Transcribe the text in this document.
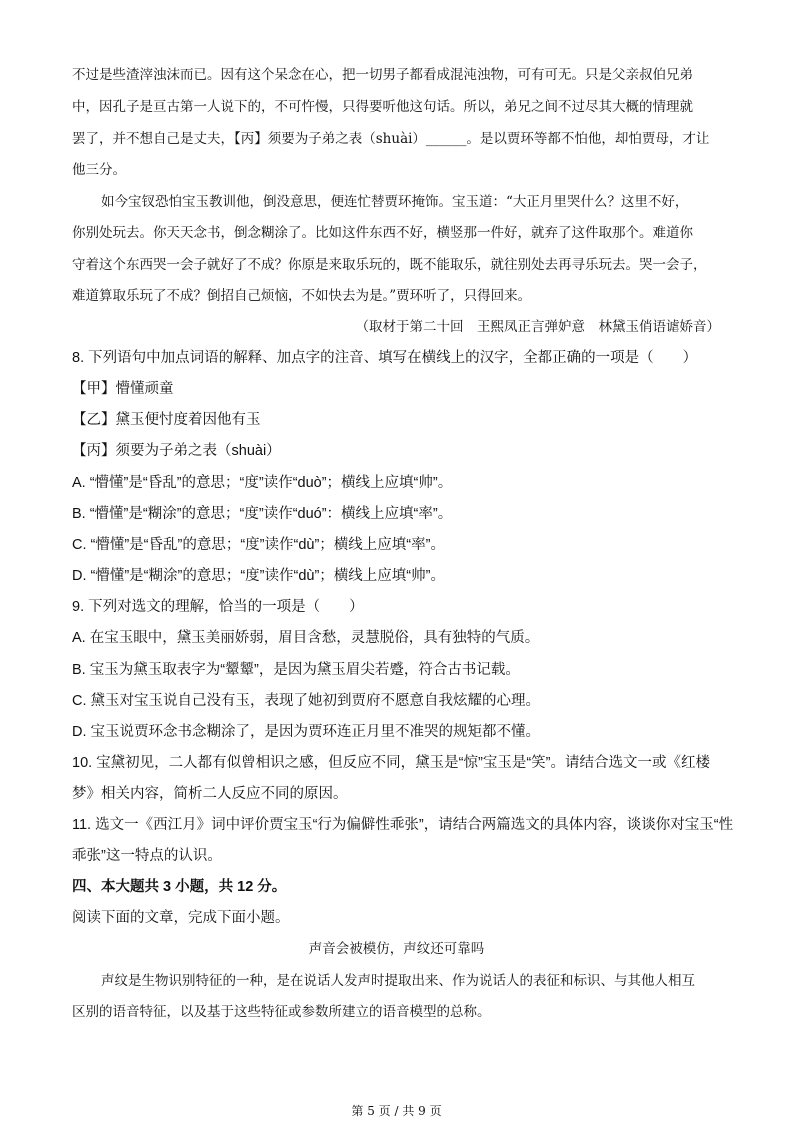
不过是些渣滓浊沫而已。因有这个呆念在心，把一切男子都看成混沌浊物，可有可无。只是父亲叔伯兄弟
中，因孔子是亘古第一人说下的，不可忤慢，只得要听他这句话。所以，弟兄之间不过尽其大概的情理就
罢了，并不想自己是丈夫，【丙】须要为子弟之表（shuài）______。是以贾环等都不怕他，却怕贾母，才让
他三分。
如今宝钗恐怕宝玉教训他，倒没意思，便连忙替贾环掩饰。宝玉道：“大正月里哭什么？这里不好，
你别处玩去。你天天念书，倒念糊涂了。比如这件东西不好，横竖那一件好，就弃了这件取那个。难道你
守着这个东西哭一会子就好了不成？你原是来取乐玩的，既不能取乐，就往别处去再寻乐玩去。哭一会子，
难道算取乐玩了不成？倒招自己烦恼，不如快去为是。”贾环听了，只得回来。
（取材于第二十回　王熙凤正言弹妒意　林黛玉俏语谑娇音）
8. 下列语句中加点词语的解释、加点字的注音、填写在横线上的汉字，全都正确的一项是（　　）
【甲】懵懂顽童
【乙】黛玉便忖度着因他有玉
【丙】须要为子弟之表（shuài）
A. “懵懂”是“昏乱”的意思；“度”读作“duò”；横线上应填“帅”。
B. “懵懂”是“糊涂”的意思；“度”读作“duó”：横线上应填“率”。
C. “懵懂”是“昏乱”的意思；“度”读作“dù”；横线上应填“率”。
D. “懵懂”是“糊涂”的意思；“度”读作“dù”；横线上应填“帅”。
9. 下列对选文的理解，恰当的一项是（　　）
A. 在宝玉眼中，黛玉美丽娇弱，眉目含愁，灵慧脱俗，具有独特的气质。
B. 宝玉为黛玉取表字为“颦颦”，是因为黛玉眉尖若蹙，符合古书记载。
C. 黛玉对宝玉说自己没有玉，表现了她初到贾府不愿意自我炫耀的心理。
D. 宝玉说贾环念书念糊涂了，是因为贾环连正月里不准哭的规矩都不懂。
10. 宝黛初见，二人都有似曾相识之感，但反应不同，黛玉是“惊”宝玉是“笑”。请结合选文一或《红楼
梦》相关内容，简析二人反应不同的原因。
11. 选文一《西江月》词中评价贾宝玉“行为偏僻性乖张”，请结合两篇选文的具体内容，谈谈你对宝玉“性
乖张”这一特点的认识。
四、本大题共 3 小题，共 12 分。
阅读下面的文章，完成下面小题。
声音会被模仿，声纹还可靠吗
声纹是生物识别特征的一种，是在说话人发声时提取出来、作为说话人的表征和标识、与其他人相互
区别的语音特征，以及基于这些特征或参数所建立的语音模型的总称。
第 5 页 / 共 9 页
